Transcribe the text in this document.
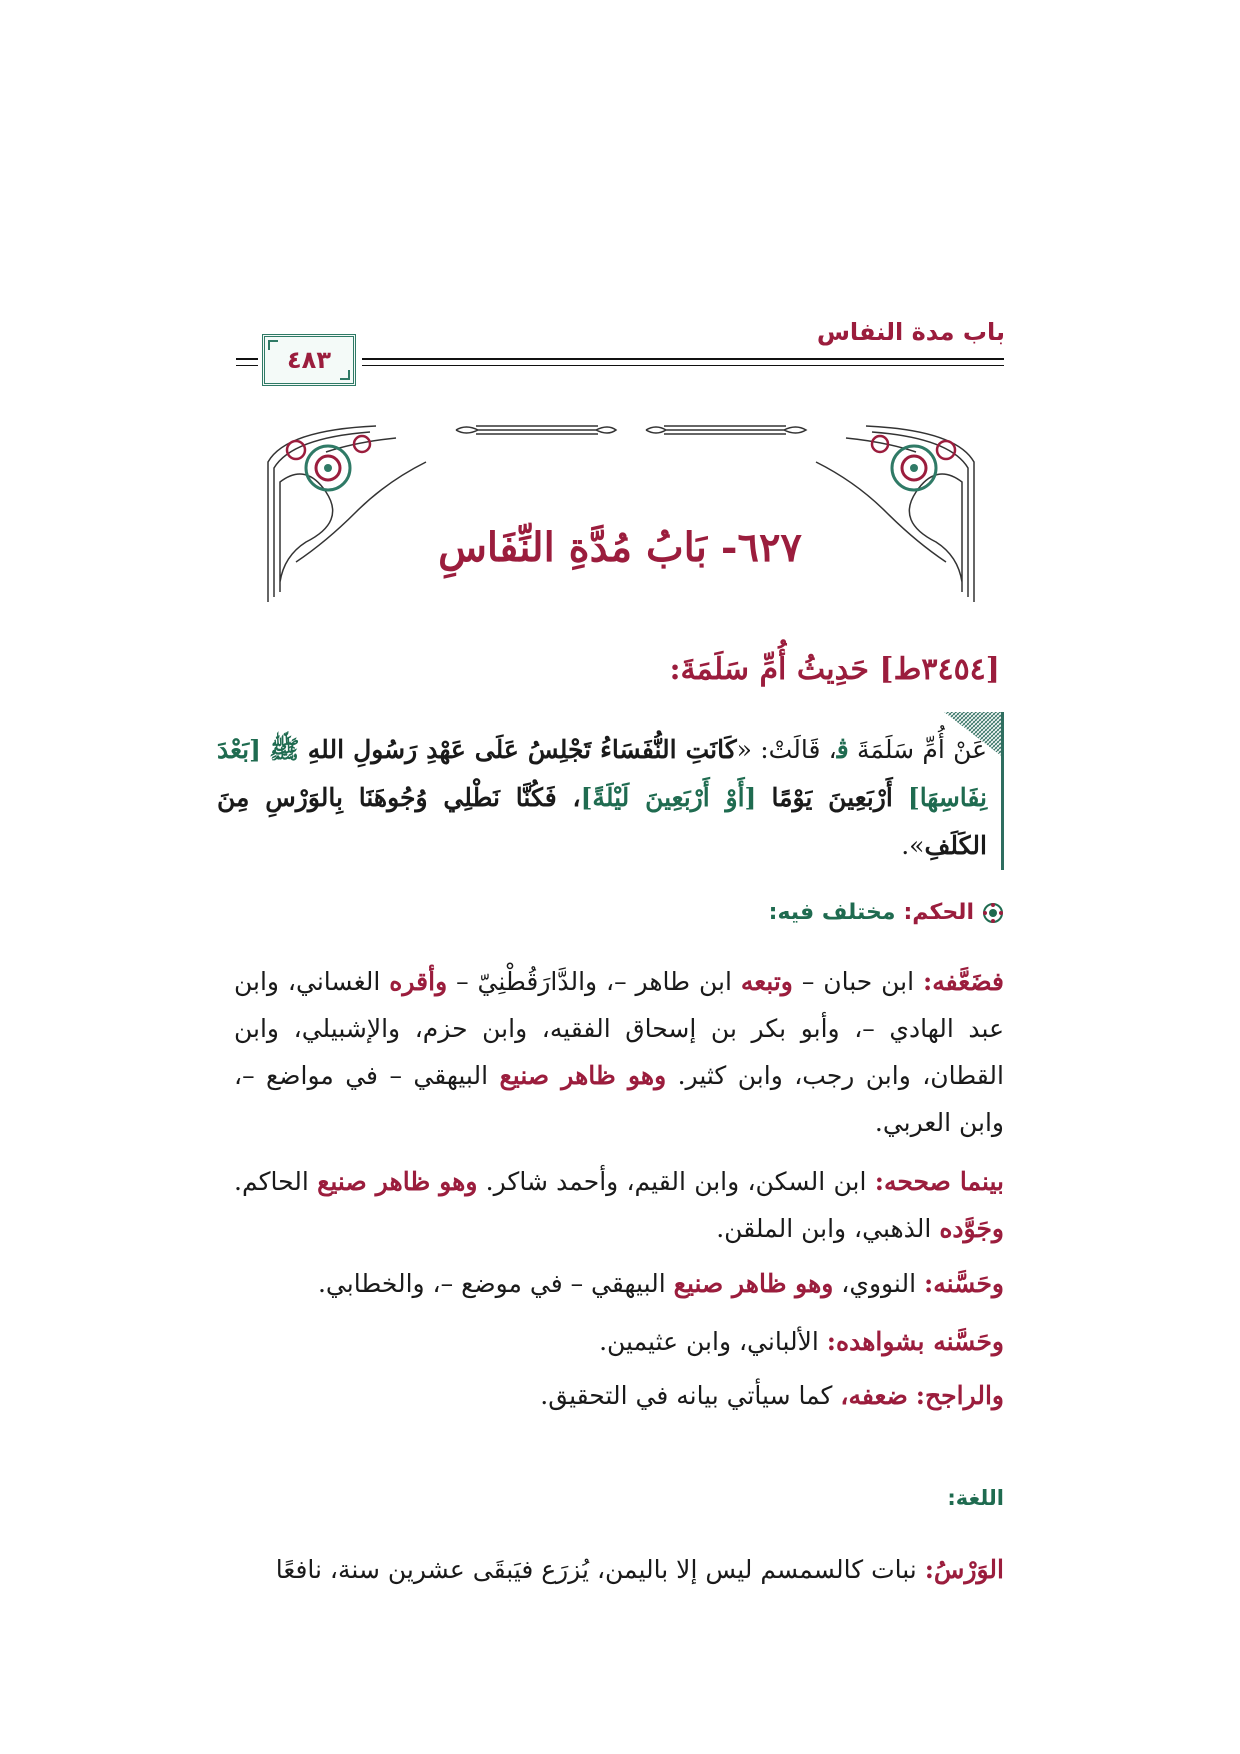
باب مدة النفاس
٤٨٣
٦٢٧- بَابُ مُدَّةِ النِّفَاسِ
[٣٤٥٤ط] حَدِيثُ أُمِّ سَلَمَةَ:
عَنْ أُمِّ سَلَمَةَ ﭬ، قَالَتْ: «كَانَتِ النُّفَسَاءُ تَجْلِسُ عَلَى عَهْدِ رَسُولِ اللهِ ﷺ [بَعْدَ نِفَاسِهَا] أَرْبَعِينَ يَوْمًا [أَوْ أَرْبَعِينَ لَيْلَةً]، فَكُنَّا نَطْلِي وُجُوهَنَا بِالوَرْسِ مِنَ الكَلَفِ».
الحكم:
مختلف فيه:
فضَعَّفه: ابن حبان – وتبعه ابن طاهر –، والدَّارَقُطْنِيّ – وأقره الغساني، وابن عبد الهادي –، وأبو بكر بن إسحاق الفقيه، وابن حزم، والإشبيلي، وابن القطان، وابن رجب، وابن كثير. وهو ظاهر صنيع البيهقي – في مواضع –، وابن العربي.
بينما صححه: ابن السكن، وابن القيم، وأحمد شاكر. وهو ظاهر صنيع الحاكم. وجَوَّده الذهبي، وابن الملقن.
وحَسَّنه: النووي، وهو ظاهر صنيع البيهقي – في موضع –، والخطابي.
وحَسَّنه بشواهده: الألباني، وابن عثيمين.
والراجح: ضعفه، كما سيأتي بيانه في التحقيق.
اللغة:
الوَرْسُ: نبات كالسمسم ليس إلا باليمن، يُزرَع فيَبقَى عشرين سنة، نافعًا
